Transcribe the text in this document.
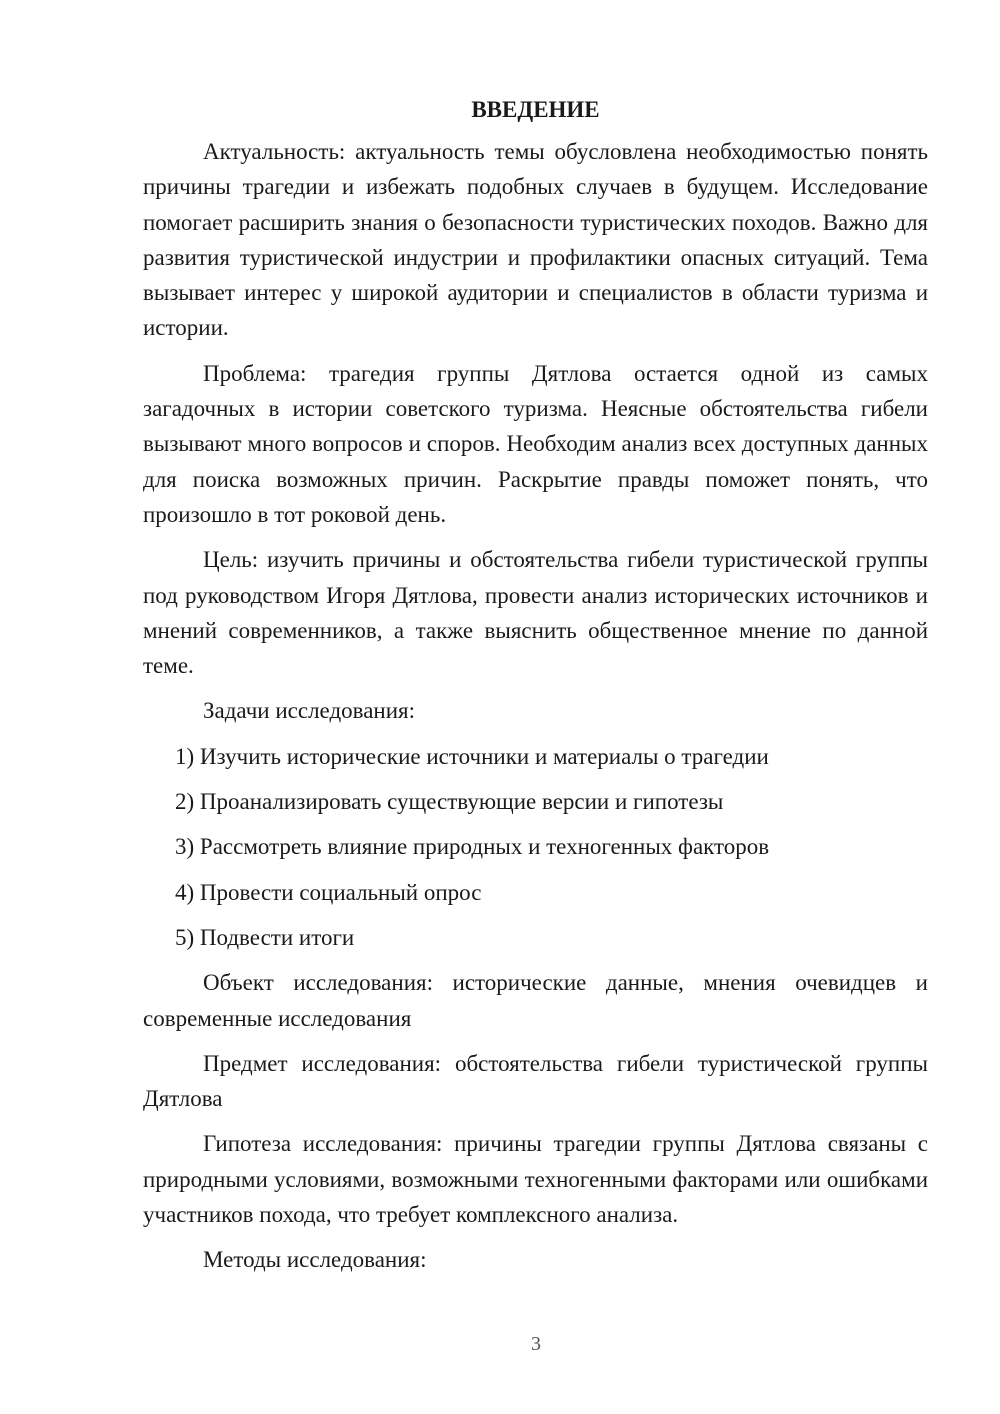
ВВЕДЕНИЕ

Актуальность: актуальность темы обусловлена необходимостью понять причины трагедии и избежать подобных случаев в будущем. Исследование помогает расширить знания о безопасности туристических походов. Важно для развития туристической индустрии и профилактики опасных ситуаций. Тема вызывает интерес у широкой аудитории и специалистов в области туризма и истории.

Проблема: трагедия группы Дятлова остается одной из самых загадочных в истории советского туризма. Неясные обстоятельства гибели вызывают много вопросов и споров. Необходим анализ всех доступных данных для поиска возможных причин. Раскрытие правды поможет понять, что произошло в тот роковой день.

Цель: изучить причины и обстоятельства гибели туристической группы под руководством Игоря Дятлова, провести анализ исторических источников и мнений современников, а также выяснить общественное мнение по данной теме.

Задачи исследования:

1) Изучить исторические источники и материалы о трагедии
2) Проанализировать существующие версии и гипотезы
3) Рассмотреть влияние природных и техногенных факторов
4) Провести социальный опрос
5) Подвести итоги

Объект исследования: исторические данные, мнения очевидцев и современные исследования

Предмет исследования: обстоятельства гибели туристической группы Дятлова

Гипотеза исследования: причины трагедии группы Дятлова связаны с природными условиями, возможными техногенными факторами или ошибками участников похода, что требует комплексного анализа.

Методы исследования:

3
